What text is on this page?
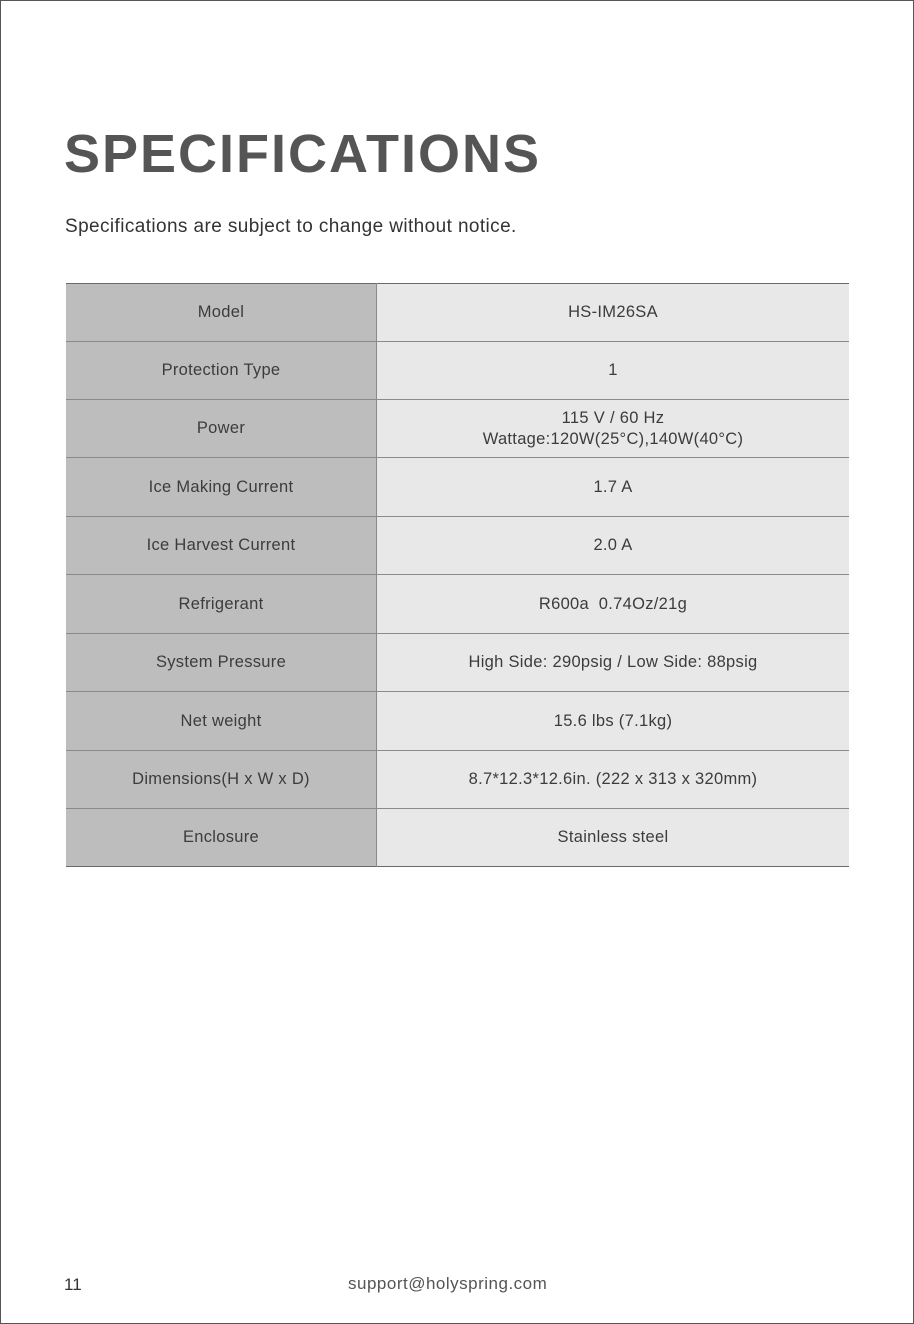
SPECIFICATIONS
Specifications are subject to change without notice.
Model	HS-IM26SA
Protection Type	1
Power	115 V / 60 Hz
Wattage:120W(25°C),140W(40°C)

Ice Making Current	1.7 A
Ice Harvest Current	2.0 A
Refrigerant	R600a  0.74Oz/21g
System Pressure	High Side: 290psig / Low Side: 88psig
Net weight	15.6 lbs (7.1kg)
Dimensions(H x W x D)	8.7*12.3*12.6in. (222 x 313 x 320mm)
Enclosure	Stainless steel
11	support@holyspring.com
